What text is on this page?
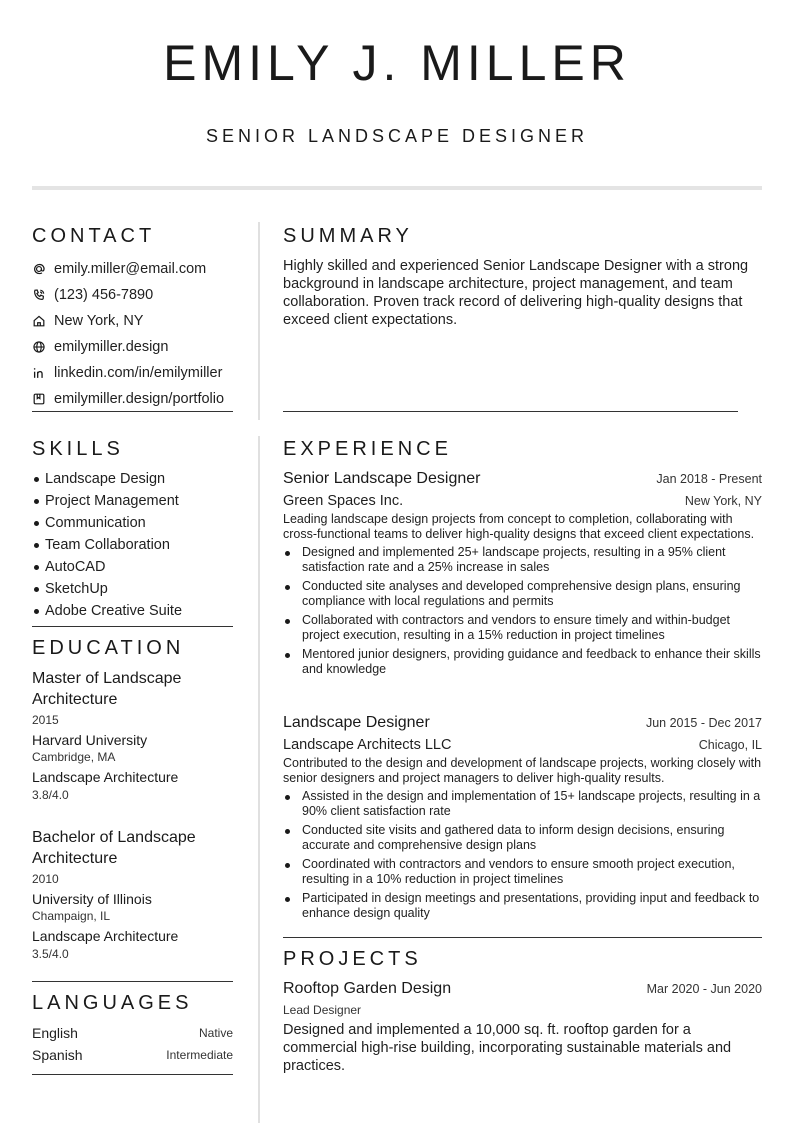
EMILY J. MILLER
SENIOR LANDSCAPE DESIGNER
CONTACT
emily.miller@email.com
(123) 456-7890
New York, NY
emilymiller.design
linkedin.com/in/emilymiller
emilymiller.design/portfolio
SUMMARY
Highly skilled and experienced Senior Landscape Designer with a strong background in landscape architecture, project management, and team collaboration. Proven track record of delivering high-quality designs that exceed client expectations.
SKILLS
Landscape Design
Project Management
Communication
Team Collaboration
AutoCAD
SketchUp
Adobe Creative Suite
EDUCATION
Master of Landscape Architecture
2015
Harvard University
Cambridge, MA
Landscape Architecture
3.8/4.0
Bachelor of Landscape Architecture
2010
University of Illinois
Champaign, IL
Landscape Architecture
3.5/4.0
LANGUAGES
English	Native
Spanish	Intermediate
EXPERIENCE
Senior Landscape Designer	Jan 2018 - Present
Green Spaces Inc.	New York, NY
Leading landscape design projects from concept to completion, collaborating with cross-functional teams to deliver high-quality designs that exceed client expectations.
Designed and implemented 25+ landscape projects, resulting in a 95% client satisfaction rate and a 25% increase in sales
Conducted site analyses and developed comprehensive design plans, ensuring compliance with local regulations and permits
Collaborated with contractors and vendors to ensure timely and within-budget project execution, resulting in a 15% reduction in project timelines
Mentored junior designers, providing guidance and feedback to enhance their skills and knowledge
Landscape Designer	Jun 2015 - Dec 2017
Landscape Architects LLC	Chicago, IL
Contributed to the design and development of landscape projects, working closely with senior designers and project managers to deliver high-quality results.
Assisted in the design and implementation of 15+ landscape projects, resulting in a 90% client satisfaction rate
Conducted site visits and gathered data to inform design decisions, ensuring accurate and comprehensive design plans
Coordinated with contractors and vendors to ensure smooth project execution, resulting in a 10% reduction in project timelines
Participated in design meetings and presentations, providing input and feedback to enhance design quality
PROJECTS
Rooftop Garden Design	Mar 2020 - Jun 2020
Lead Designer
Designed and implemented a 10,000 sq. ft. rooftop garden for a commercial high-rise building, incorporating sustainable materials and practices.
